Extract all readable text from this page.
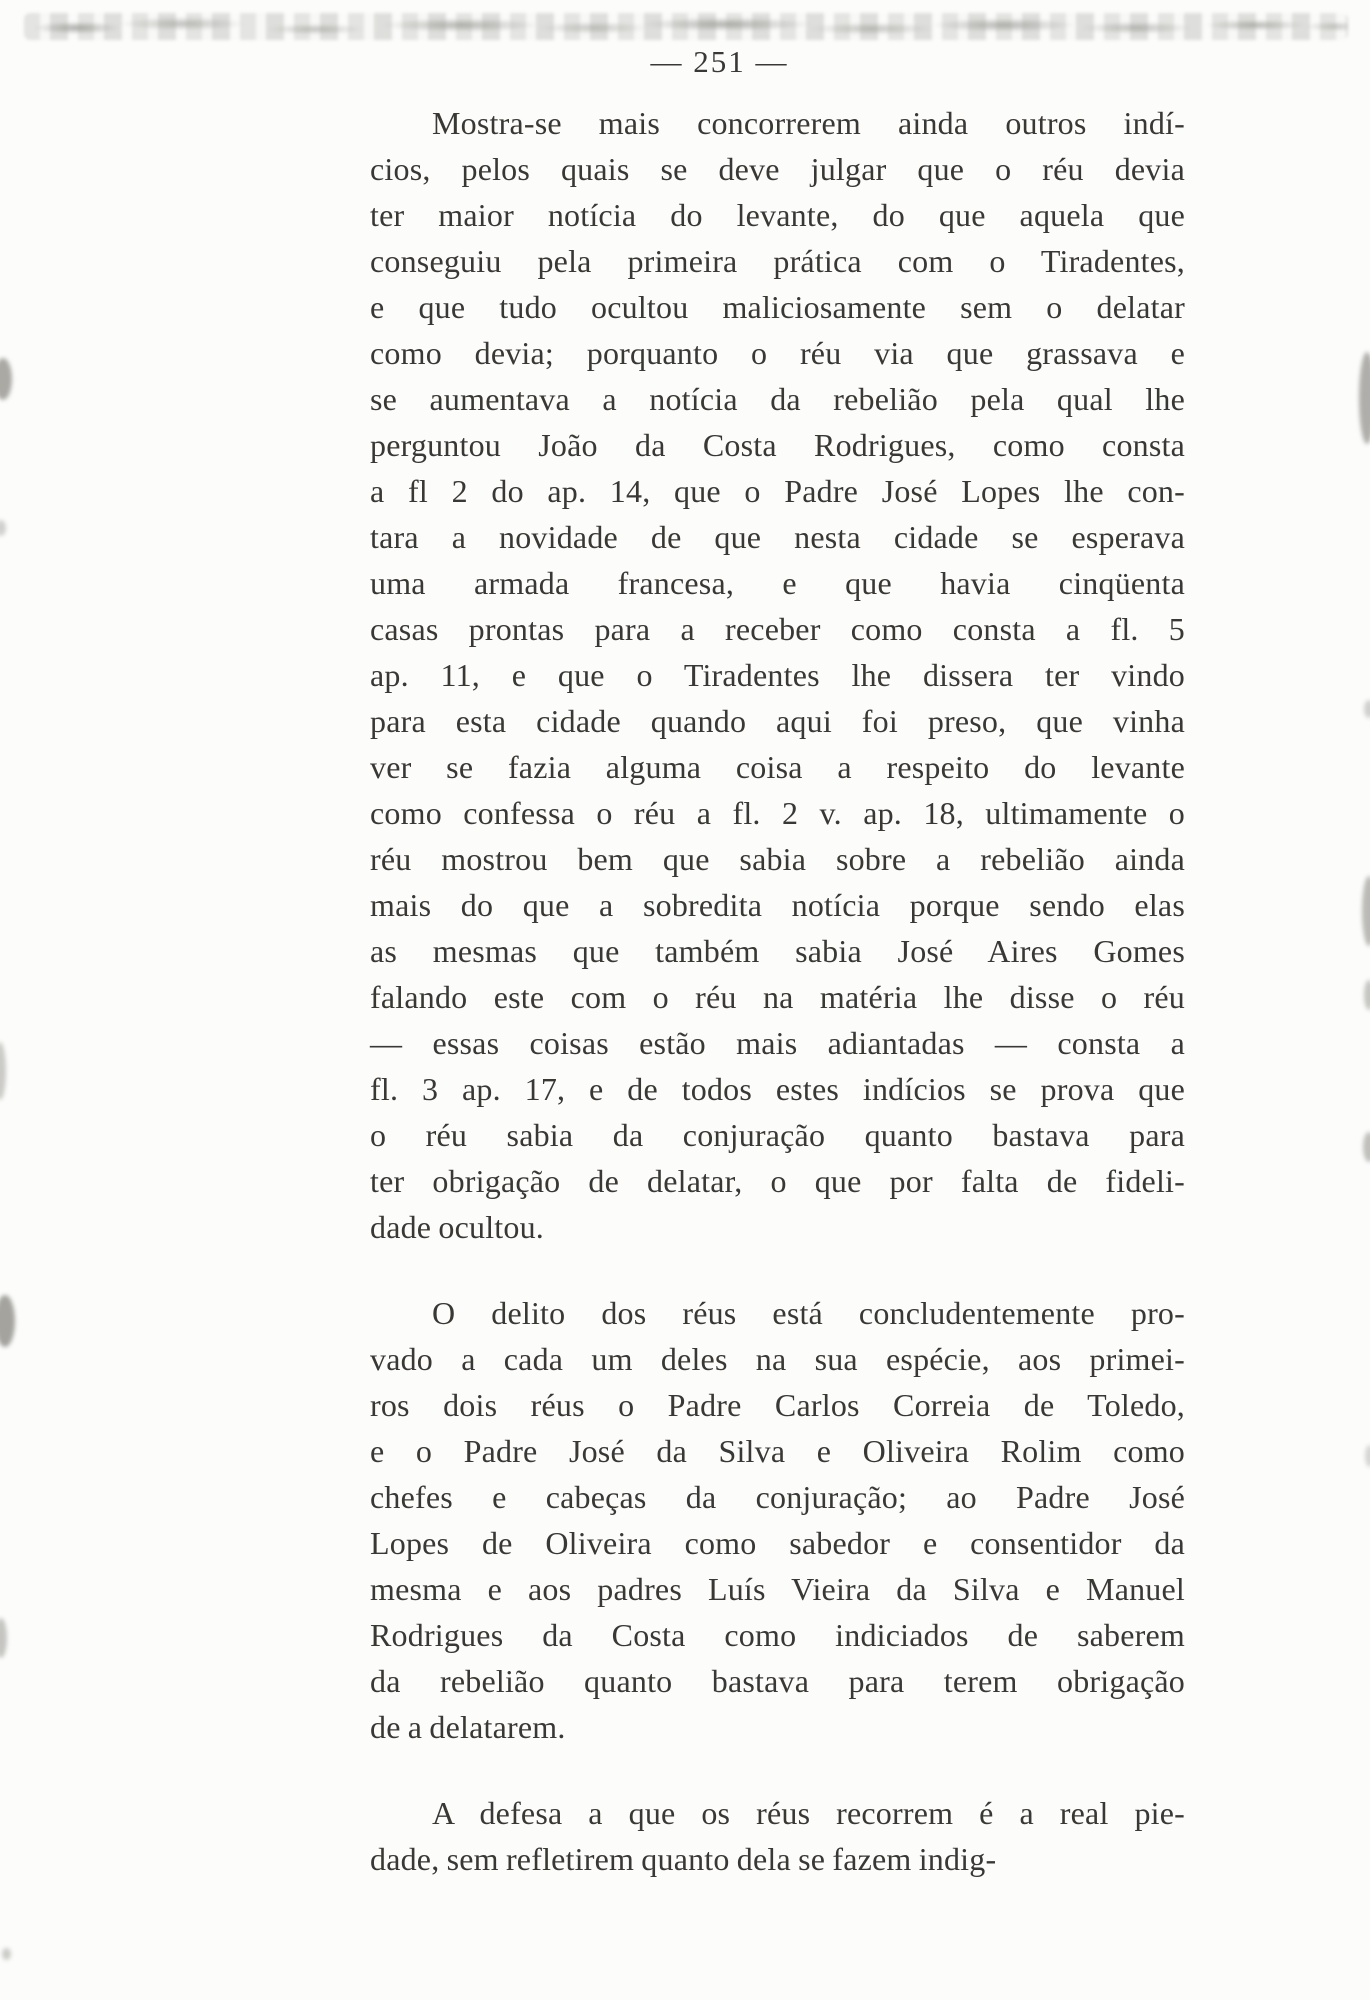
— 251 —
Mostra-se mais concorrerem ainda outros indí-
cios, pelos quais se deve julgar que o réu devia
ter maior notícia do levante, do que aquela que
conseguiu pela primeira prática com o Tiradentes,
e que tudo ocultou maliciosamente sem o delatar
como devia; porquanto o réu via que grassava e
se aumentava a notícia da rebelião pela qual lhe
perguntou João da Costa Rodrigues, como consta
a fl 2 do ap. 14, que o Padre José Lopes lhe con-
tara a novidade de que nesta cidade se esperava
uma armada francesa, e que havia cinqüenta
casas prontas para a receber como consta a fl. 5
ap. 11, e que o Tiradentes lhe dissera ter vindo
para esta cidade quando aqui foi preso, que vinha
ver se fazia alguma coisa a respeito do levante
como confessa o réu a fl. 2 v. ap. 18, ultimamente o
réu mostrou bem que sabia sobre a rebelião ainda
mais do que a sobredita notícia porque sendo elas
as mesmas que também sabia José Aires Gomes
falando este com o réu na matéria lhe disse o réu
— essas coisas estão mais adiantadas — consta a
fl. 3 ap. 17, e de todos estes indícios se prova que
o réu sabia da conjuração quanto bastava para
ter obrigação de delatar, o que por falta de fideli-
dade ocultou.
O delito dos réus está concludentemente pro-
vado a cada um deles na sua espécie, aos primei-
ros dois réus o Padre Carlos Correia de Toledo,
e o Padre José da Silva e Oliveira Rolim como
chefes e cabeças da conjuração; ao Padre José
Lopes de Oliveira como sabedor e consentidor da
mesma e aos padres Luís Vieira da Silva e Manuel
Rodrigues da Costa como indiciados de saberem
da rebelião quanto bastava para terem obrigação
de a delatarem.
A defesa a que os réus recorrem é a real pie-
dade, sem refletirem quanto dela se fazem indig-
